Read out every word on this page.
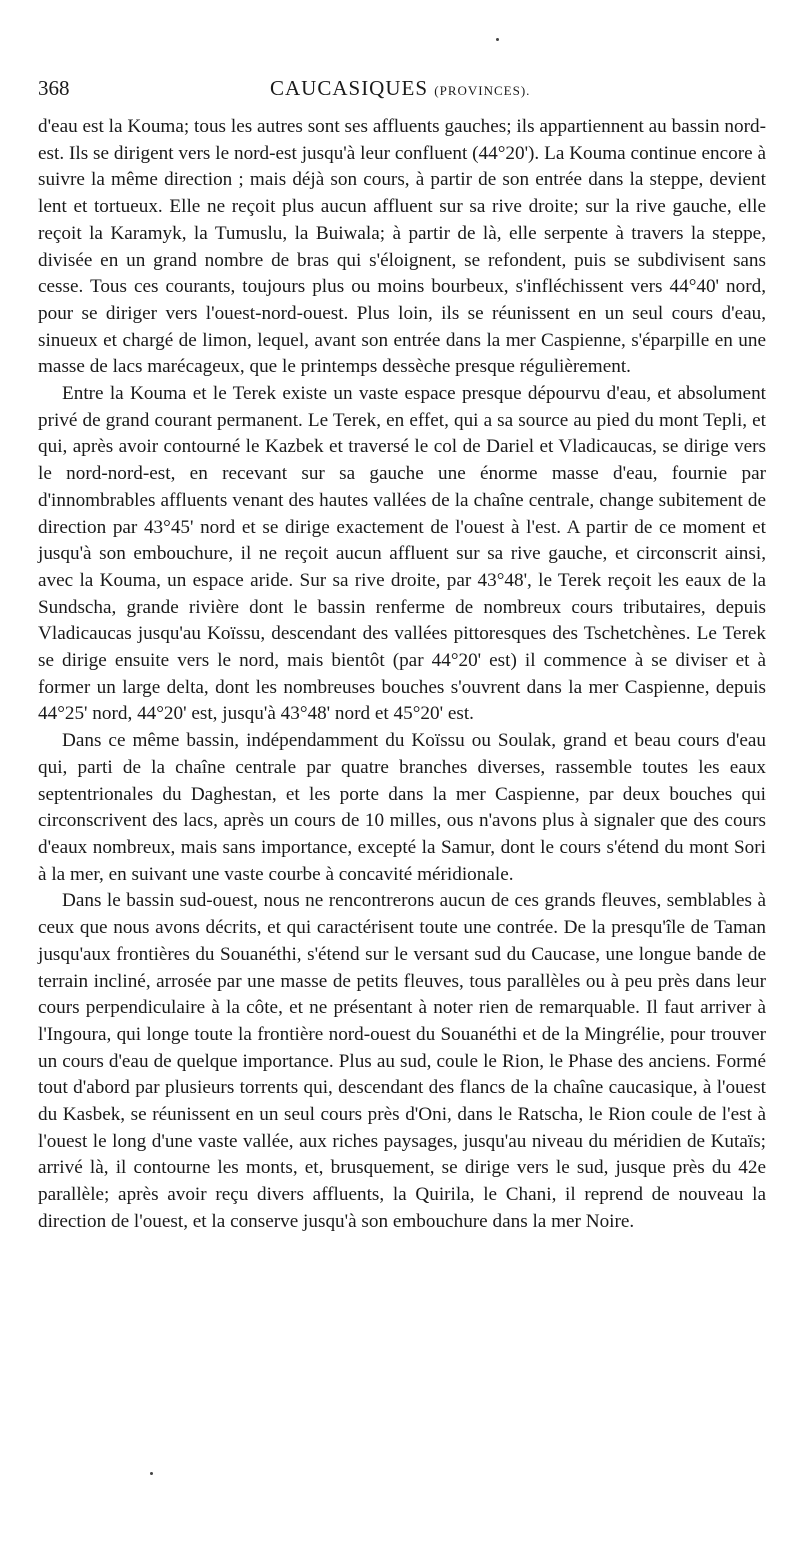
368	CAUCASIQUES (PROVINCES).

d'eau est la Kouma; tous les autres sont ses affluents gauches; ils appartiennent au bassin nord-est. Ils se dirigent vers le nord-est jusqu'à leur confluent (44°20'). La Kouma continue encore à suivre la même direction ; mais déjà son cours, à partir de son entrée dans la steppe, devient lent et tortueux. Elle ne reçoit plus aucun affluent sur sa rive droite; sur la rive gauche, elle reçoit la Karamyk, la Tumuslu, la Buiwala; à partir de là, elle serpente à travers la steppe, divisée en un grand nombre de bras qui s'éloignent, se refondent, puis se subdivisent sans cesse. Tous ces courants, toujours plus ou moins bourbeux, s'infléchissent vers 44°40' nord, pour se diriger vers l'ouest-nord-ouest. Plus loin, ils se réunissent en un seul cours d'eau, sinueux et chargé de limon, lequel, avant son entrée dans la mer Caspienne, s'éparpille en une masse de lacs marécageux, que le printemps dessèche presque régulièrement.

Entre la Kouma et le Terek existe un vaste espace presque dépourvu d'eau, et absolument privé de grand courant permanent. Le Terek, en effet, qui a sa source au pied du mont Tepli, et qui, après avoir contourné le Kazbek et traversé le col de Dariel et Vladicaucas, se dirige vers le nord-nord-est, en recevant sur sa gauche une énorme masse d'eau, fournie par d'innombrables affluents venant des hautes vallées de la chaîne centrale, change subitement de direction par 43°45' nord et se dirige exactement de l'ouest à l'est. A partir de ce moment et jusqu'à son embouchure, il ne reçoit aucun affluent sur sa rive gauche, et circonscrit ainsi, avec la Kouma, un espace aride. Sur sa rive droite, par 43°48', le Terek reçoit les eaux de la Sundscha, grande rivière dont le bassin renferme de nombreux cours tributaires, depuis Vladicaucas jusqu'au Koïssu, descendant des vallées pittoresques des Tschetchènes. Le Terek se dirige ensuite vers le nord, mais bientôt (par 44°20' est) il commence à se diviser et à former un large delta, dont les nombreuses bouches s'ouvrent dans la mer Caspienne, depuis 44°25' nord, 44°20' est, jusqu'à 43°48' nord et 45°20' est.

Dans ce même bassin, indépendamment du Koïssu ou Soulak, grand et beau cours d'eau qui, parti de la chaîne centrale par quatre branches diverses, rassemble toutes les eaux septentrionales du Daghestan, et les porte dans la mer Caspienne, par deux bouches qui circonscrivent des lacs, après un cours de 10 milles, ous n'avons plus à signaler que des cours d'eaux nombreux, mais sans importance, excepté la Samur, dont le cours s'étend du mont Sori à la mer, en suivant une vaste courbe à concavité méridionale.

Dans le bassin sud-ouest, nous ne rencontrerons aucun de ces grands fleuves, semblables à ceux que nous avons décrits, et qui caractérisent toute une contrée. De la presqu'île de Taman jusqu'aux frontières du Souanéthi, s'étend sur le versant sud du Caucase, une longue bande de terrain incliné, arrosée par une masse de petits fleuves, tous parallèles ou à peu près dans leur cours perpendiculaire à la côte, et ne présentant à noter rien de remarquable. Il faut arriver à l'Ingoura, qui longe toute la frontière nord-ouest du Souanéthi et de la Mingrélie, pour trouver un cours d'eau de quelque importance. Plus au sud, coule le Rion, le Phase des anciens. Formé tout d'abord par plusieurs torrents qui, descendant des flancs de la chaîne caucasique, à l'ouest du Kasbek, se réunissent en un seul cours près d'Oni, dans le Ratscha, le Rion coule de l'est à l'ouest le long d'une vaste vallée, aux riches paysages, jusqu'au niveau du méridien de Kutaïs; arrivé là, il contourne les monts, et, brusquement, se dirige vers le sud, jusque près du 42e parallèle; après avoir reçu divers affluents, la Quirila, le Chani, il reprend de nouveau la direction de l'ouest, et la conserve jusqu'à son embouchure dans la mer Noire.
